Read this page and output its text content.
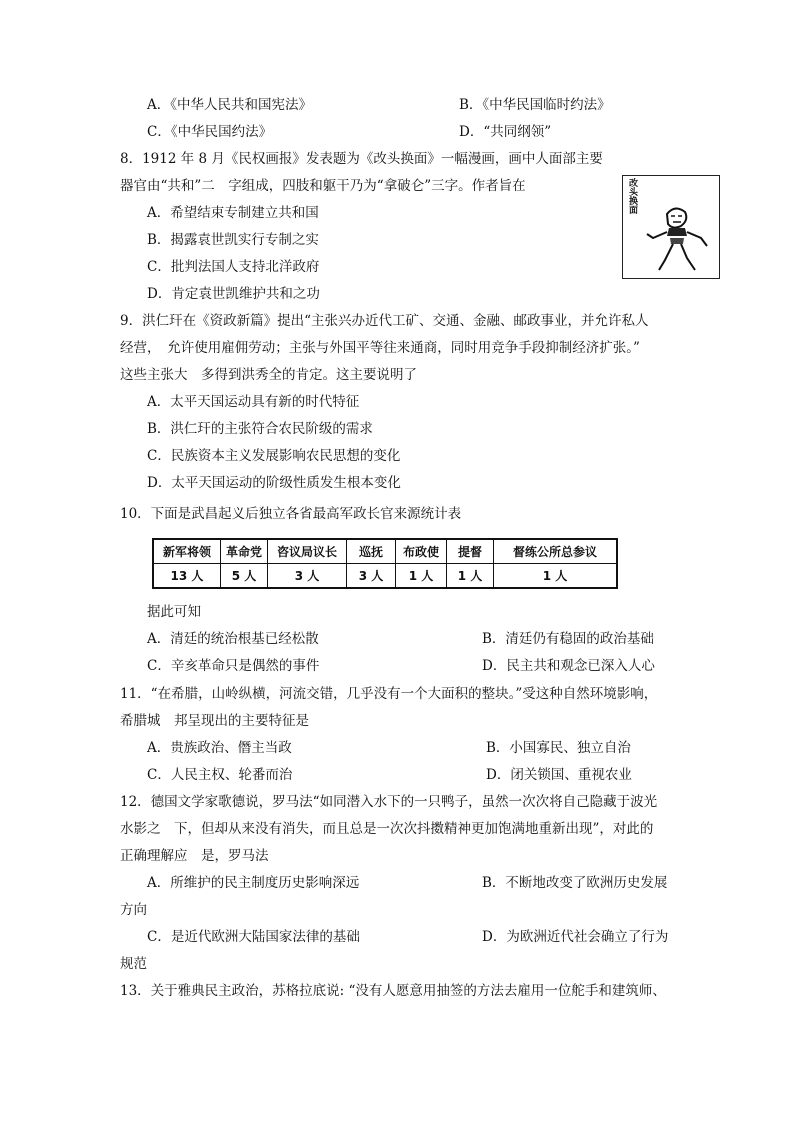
A．《中华人民共和国宪法》	B．《中华民国临时约法》
C．《中华民国约法》	D．“共同纲领”
8．1912 年 8 月《民权画报》发表题为《改头换面》一幅漫画，画中人面部主要
器官由“共和”二　字组成，四肢和躯干乃为“拿破仑”三字。作者旨在
A．希望结束专制建立共和国
B．揭露袁世凯实行专制之实
C．批判法国人支持北洋政府
D．肯定袁世凯维护共和之功
改头换面
9．洪仁玕在《资政新篇》提出“主张兴办近代工矿、交通、金融、邮政事业，并允许私人
经营，　允许使用雇佣劳动；主张与外国平等往来通商，同时用竞争手段抑制经济扩张。”
这些主张大　多得到洪秀全的肯定。这主要说明了
A．太平天国运动具有新的时代特征
B．洪仁玕的主张符合农民阶级的需求
C．民族资本主义发展影响农民思想的变化
D．太平天国运动的阶级性质发生根本变化
10．下面是武昌起义后独立各省最高军政长官来源统计表
新军将领	革命党	咨议局议长	巡抚	布政使	提督	督练公所总参议
13 人	5 人	3 人	3 人	1 人	1 人	1 人
据此可知
A．清廷的统治根基已经松散	B．清廷仍有稳固的政治基础
C．辛亥革命只是偶然的事件	D．民主共和观念已深入人心
11．“在希腊，山岭纵横，河流交错，几乎没有一个大面积的整块。”受这种自然环境影响，
希腊城　邦呈现出的主要特征是
A．贵族政治、僭主当政	B．小国寡民、独立自治
C．人民主权、轮番而治	D．闭关锁国、重视农业
12．德国文学家歌德说，罗马法“如同潜入水下的一只鸭子，虽然一次次将自己隐藏于波光
水影之　下，但却从来没有消失，而且总是一次次抖擞精神更加饱满地重新出现”，对此的
正确理解应　是，罗马法
A．所维护的民主制度历史影响深远	B．不断地改变了欧洲历史发展
方向
C．是近代欧洲大陆国家法律的基础	D．为欧洲近代社会确立了行为
规范
13．关于雅典民主政治，苏格拉底说: “没有人愿意用抽签的方法去雇用一位舵手和建筑师、
